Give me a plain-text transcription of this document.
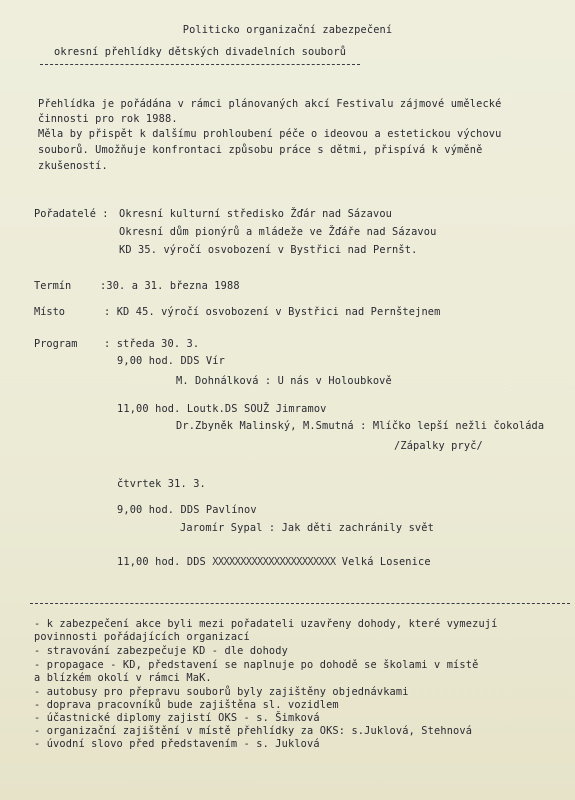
Politicko organizační zabezpečení
okresní přehlídky dětských divadelních souborů
Přehlídka je pořádána v rámci plánovaných akcí Festivalu zájmové umělecké
činnosti pro rok 1988.
Měla by přispět k dalšímu prohloubení péče o ideovou a estetickou výchovu
souborů. Umožňuje konfrontaci způsobu práce s dětmi, přispívá k výměně
zkušeností.
Pořadatelé : Okresní kulturní středisko Žďár nad Sázavou
Okresní dům pionýrů a mládeže ve Žďáře nad Sázavou
KD 35. výročí osvobození v Bystřici nad Pernšt.
Termín	:30. a 31. března 1988
Místo	: KD 45. výročí osvobození v Bystřici nad Pernštejnem
Program	: středa 30. 3.
9,00 hod. DDS Vír
M. Dohnálková : U nás v Holoubkově
11,00 hod. Loutk.DS SOUŽ Jimramov
Dr.Zbyněk Malinský, M.Smutná : Mlíčko lepší nežli čokoláda
/Zápalky pryč/
čtvrtek 31. 3.
9,00 hod. DDS Pavlínov
Jaromír Sypal : Jak děti zachránily svět
11,00 hod. DDS XXXXXXXXXXXXXXXXXXXXXX Velká Losenice
- k zabezpečení akce byli mezi pořadateli uzavřeny dohody, které vymezují
povinnosti pořádajících organizací
- stravování zabezpečuje KD - dle dohody
- propagace - KD, představení se naplnuje po dohodě se školami v místě
a blízkém okolí v rámci MaK.
- autobusy pro přepravu souborů byly zajištěny objednávkami
- doprava pracovníků bude zajištěna sl. vozidlem
- účastnické diplomy zajistí OKS - s. Šimková
- organizační zajištění v místě přehlídky za OKS: s.Juklová, Stehnová
- úvodní slovo před představením - s. Juklová
